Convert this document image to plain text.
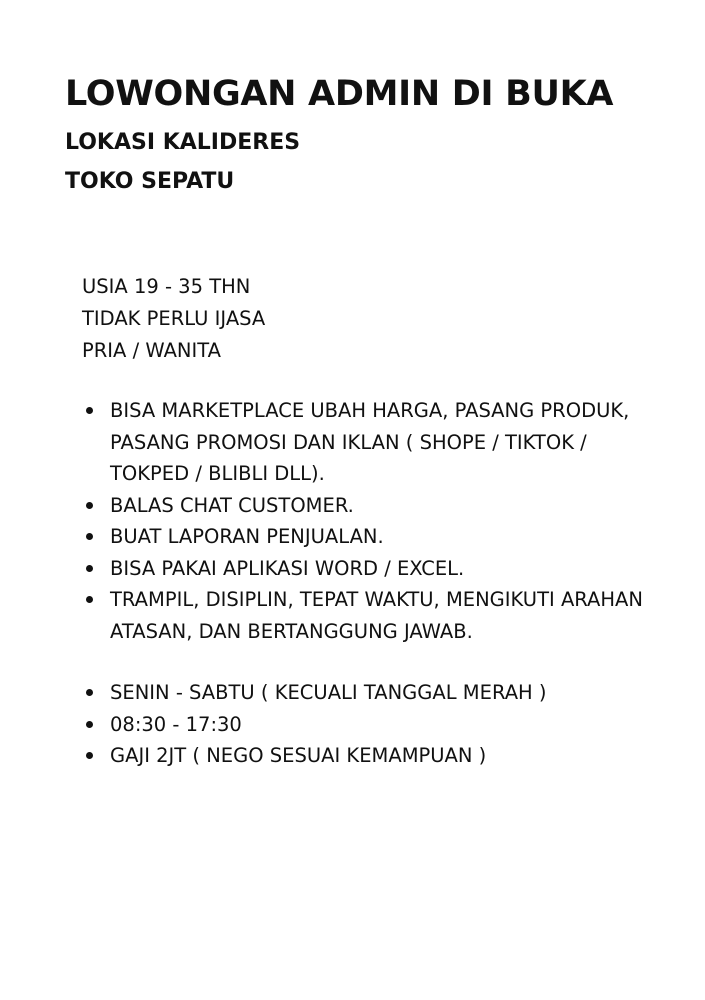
LOWONGAN ADMIN DI BUKA
LOKASI KALIDERES
TOKO SEPATU
USIA 19 - 35 THN
TIDAK PERLU IJASA
PRIA / WANITA
BISA MARKETPLACE UBAH HARGA, PASANG PRODUK, PASANG PROMOSI DAN IKLAN ( SHOPE / TIKTOK / TOKPED / BLIBLI DLL).
BALAS CHAT CUSTOMER.
BUAT LAPORAN PENJUALAN.
BISA PAKAI APLIKASI WORD / EXCEL.
TRAMPIL, DISIPLIN, TEPAT WAKTU, MENGIKUTI ARAHAN ATASAN, DAN BERTANGGUNG JAWAB.
SENIN - SABTU ( KECUALI TANGGAL MERAH )
08:30 - 17:30
GAJI 2JT ( NEGO SESUAI KEMAMPUAN )
